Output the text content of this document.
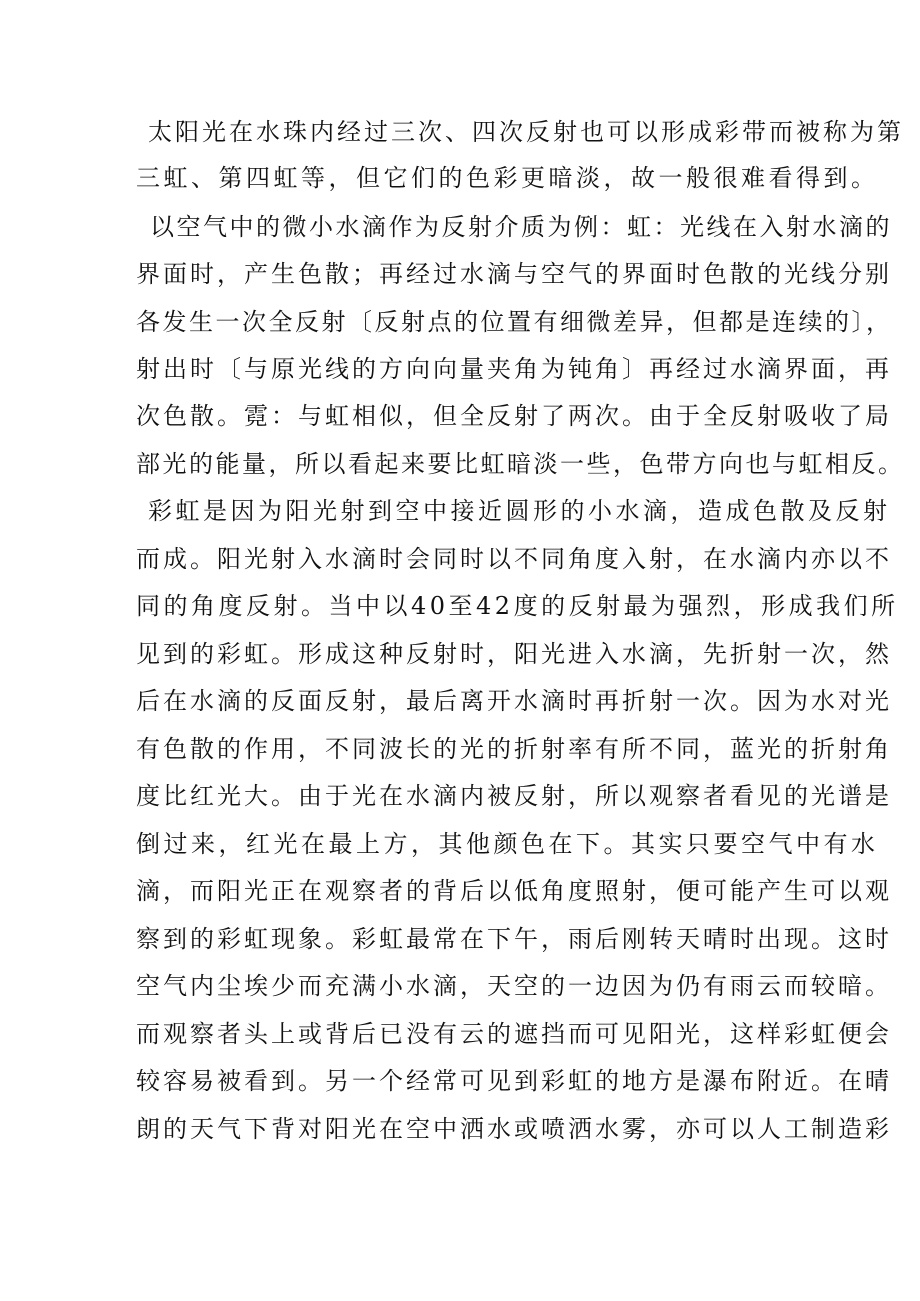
太阳光在水珠内经过三次、四次反射也可以形成彩带而被称为第
三虹、第四虹等，但它们的色彩更暗淡，故一般很难看得到。
以空气中的微小水滴作为反射介质为例：虹：光线在入射水滴的
界面时，产生色散；再经过水滴与空气的界面时色散的光线分别
各发生一次全反射〔反射点的位置有细微差异，但都是连续的〕，
射出时〔与原光线的方向向量夹角为钝角〕再经过水滴界面，再
次色散。霓：与虹相似，但全反射了两次。由于全反射吸收了局
部光的能量，所以看起来要比虹暗淡一些，色带方向也与虹相反。
彩虹是因为阳光射到空中接近圆形的小水滴，造成色散及反射
而成。阳光射入水滴时会同时以不同角度入射，在水滴内亦以不
同的角度反射。当中以40至42度的反射最为强烈，形成我们所
见到的彩虹。形成这种反射时，阳光进入水滴，先折射一次，然
后在水滴的反面反射，最后离开水滴时再折射一次。因为水对光
有色散的作用，不同波长的光的折射率有所不同，蓝光的折射角
度比红光大。由于光在水滴内被反射，所以观察者看见的光谱是
倒过来，红光在最上方，其他颜色在下。其实只要空气中有水
滴，而阳光正在观察者的背后以低角度照射，便可能产生可以观
察到的彩虹现象。彩虹最常在下午，雨后刚转天晴时出现。这时
空气内尘埃少而充满小水滴，天空的一边因为仍有雨云而较暗。
而观察者头上或背后已没有云的遮挡而可见阳光，这样彩虹便会
较容易被看到。另一个经常可见到彩虹的地方是瀑布附近。在晴
朗的天气下背对阳光在空中洒水或喷洒水雾，亦可以人工制造彩
